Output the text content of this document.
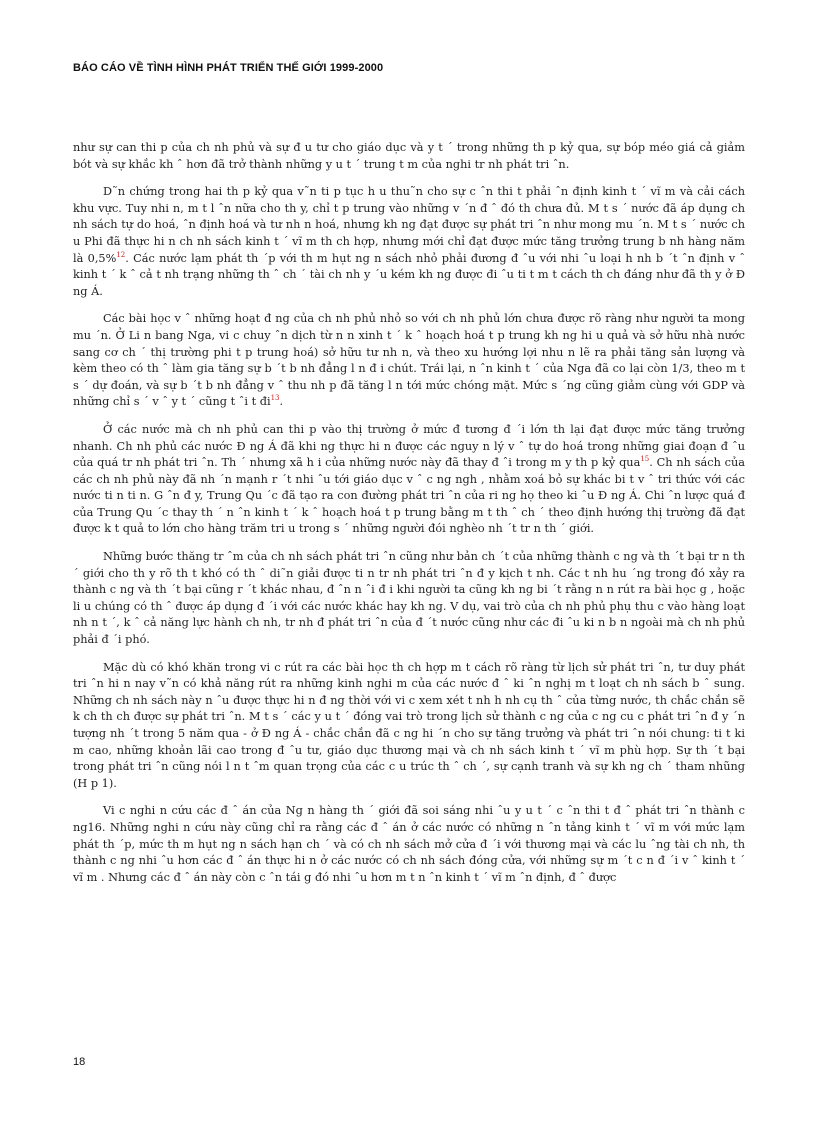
BÁO CÁO VỀ TÌNH HÌNH PHÁT TRIỂN THẾ GIỚI 1999-2000

như sự can thi p của ch nh phủ và sự đ u tư cho giáo dục và y t ´ trong những th p kỷ qua, sự bóp méo giá cả giảm bót và sự khắc kh ˆ hơn đã trở thành những y u t ´ trung t m của nghi tr nh phát tri ˆn.

D˜n chứng trong hai th p kỷ qua v˜n ti p tục h u thu˜n cho sự c ˆn thi t phải ˆn định kinh t ´ vĩ m và cải cách khu vực. Tuy nhi n, m t l ˆn nữa cho th y, chỉ t p trung vào những v ´n đ ˆ đó th chưa đủ. M t s ´ nước đã áp dụng ch nh sách tự do hoá, ˆn định hoá và tư nh n hoá, nhưng kh ng đạt được sự phát tri ˆn như mong mu ´n. M t s ´ nước ch u Phi đã thực hi n ch nh sách kinh t ´ vĩ m th ch hợp, nhưng mới chỉ đạt được mức tăng trưởng trung b nh hàng năm là 0,5%$^{12}$. Các nước lạm phát th ´p với th m hụt ng n sách nhỏ phải đương đ ˆu với nhi ˆu loại h nh b ´t ˆn định v ˆ kinh t ´ k ˆ cả t nh trạng những th ˆ ch ´ tài ch nh y ´u kém kh ng được đi ˆu ti t m t cách th ch đáng như đã th y ở Đ ng Á.

Các bài học v ˆ những hoạt đ ng của ch nh phủ nhỏ so với ch nh phủ lớn chưa được rõ ràng như người ta mong mu ´n. Ở Li n bang Nga, vi c chuy ˆn dịch từ n n xinh t ´ k ˆ hoạch hoá t p trung kh ng hi u quả và sở hữu nhà nước sang cơ ch ´ thị trường phi t p trung hoá) sở hữu tư nh n, và theo xu hướng lợi nhu n lẽ ra phải tăng sản lượng và kèm theo có th ˆ làm gia tăng sự b ´t b nh đẳng l n đ i chút. Trái lại, n ˆn kinh t ´ của Nga đã co lại còn 1/3, theo m t s ´ dự đoán, và sự b ´t b nh đẳng v ˆ thu nh p đã tăng l n tới mức chóng mặt. Mức s ´ng cũng giảm cùng với GDP và những chỉ s ´ v ˆ y t ´ cũng t ˆi t đi$^{13}$.

Ở các nước mà ch nh phủ can thi p vào thị trường ở mức đ tương đ ´i lớn th lại đạt được mức tăng trưởng nhanh. Ch nh phủ các nước Đ ng Á đã khi ng thực hi n được các nguy n lý v ˆ tự do hoá trong những giai đoạn đ ˆu của quá tr nh phát tri ˆn. Th ´ nhưng xã h i của những nước này đã thay đ ˆi trong m y th p kỷ qua$^{15}$. Ch nh sách của các ch nh phủ này đã nh ´n mạnh r ´t nhi ˆu tới giáo dục v ˆ c ng ngh , nhằm xoá bỏ sự khác bi t v ˆ tri thức với các nước ti n ti n. G ˆn đ y, Trung Qu ´c đã tạo ra con đường phát tri ˆn của ri ng họ theo ki ˆu Đ ng Á. Chi ˆn lược quá đ của Trung Qu ´c thay th ´ n ˆn kinh t ´ k ˆ hoạch hoá t p trung bằng m t th ˆ ch ´ theo định hướng thị trường đã đạt được k t quả to lớn cho hàng trăm tri u trong s ´ những người đói nghèo nh ´t tr n th ´ giới.

Những bước thăng tr ˆm của ch nh sách phát tri ˆn cũng như bản ch ´t của những thành c ng và th ´t bại tr n th ´ giới cho th y rõ th t khó có th ˆ di˜n giải được ti n tr nh phát tri ˆn đ y kịch t nh. Các t nh hu ´ng trong đó xảy ra thành c ng và th ´t bại cũng r ´t khác nhau, đ ˆn n ˆi đ i khi người ta cũng kh ng bi ´t rằng n n rút ra bài học g , hoặc li u chúng có th ˆ được áp dụng đ ´i với các nước khác hay kh ng. V dụ, vai trò của ch nh phủ phụ thu c vào hàng loạt nh n t ´, k ˆ cả năng lực hành ch nh, tr nh đ phát tri ˆn của đ ´t nước cũng như các đi ˆu ki n b n ngoài mà ch nh phủ phải đ ´i phó.

Mặc dù có khó khăn trong vi c rút ra các bài học th ch hợp m t cách rõ ràng từ lịch sử phát tri ˆn, tư duy phát tri ˆn hi n nay v˜n có khả năng rút ra những kinh nghi m của các nước đ ˆ ki ˆn nghị m t loạt ch nh sách b ˆ sung. Những ch nh sách này n ˆu được thực hi n đ ng thời với vi c xem xét t nh h nh cụ th ˆ của từng nước, th chắc chắn sẽ k ch th ch được sự phát tri ˆn. M t s ´ các y u t ´ đóng vai trò trong lịch sử thành c ng của c ng cu c phát tri ˆn đ y ´n tượng nh ´t trong 5 năm qua - ở Đ ng Á - chắc chắn đã c ng hi ´n cho sự tăng trưởng và phát tri ˆn nói chung: ti t ki m cao, những khoản lãi cao trong đ ˆu tư, giáo dục thương mại và ch nh sách kinh t ´ vĩ m phù hợp. Sự th ´t bại trong phát tri ˆn cũng nói l n t ˆm quan trọng của các c u trúc th ˆ ch ´, sự cạnh tranh và sự kh ng ch ´ tham nhũng (H p 1).

Vi c nghi n cứu các đ ˆ án của Ng n hàng th ´ giới đã soi sáng nhi ˆu y u t ´ c ˆn thi t đ ˆ phát tri ˆn thành c ng16. Những nghi n cứu này cũng chỉ ra rằng các đ ˆ án ở các nước có những n ˆn tảng kinh t ´ vĩ m với mức lạm phát th ´p, mức th m hụt ng n sách hạn ch ´ và có ch nh sách mở cửa đ ´i với thương mại và các lu ˆng tài ch nh, th thành c ng nhi ˆu hơn các đ ˆ án thực hi n ở các nước có ch nh sách đóng cửa, với những sự m ´t c n đ ´i v ˆ kinh t ´ vĩ m . Nhưng các đ ˆ án này còn c ˆn tái g đó nhi ˆu hơn m t n ˆn kinh t ´ vĩ m ˆn định, đ ˆ được

18
